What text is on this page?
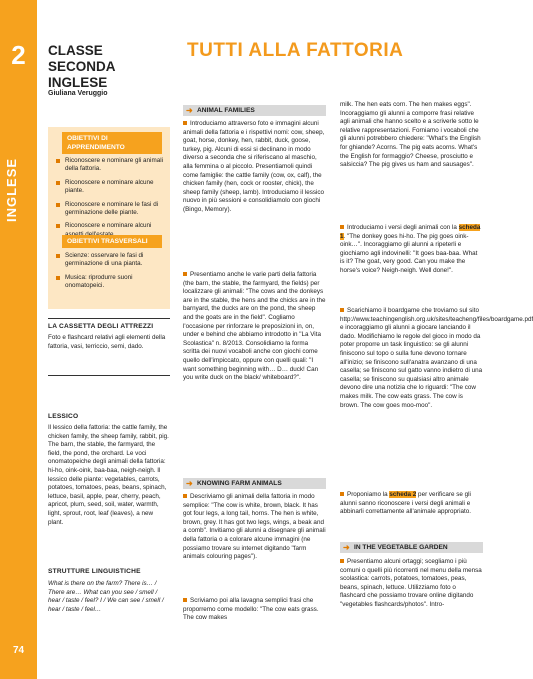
2
INGLESE
74
CLASSE SECONDA
INGLESE
Giuliana Veruggio
OBIETTIVI DI APPRENDIMENTO
Riconoscere e nominare gli animali della fattoria.
Riconoscere e nominare alcune piante.
Riconoscere e nominare le fasi di germinazione delle piante.
Riconoscere e nominare alcuni
OBIETTIVI TRASVERSALI
Scienze: osservare le fasi di germinazione di una pianta.
Musica: riprodurre suoni onomatopeici.
LA CASSETTA DEGLI ATTREZZI
Foto e flashcard relativi agli elementi della fattoria, vasi, terriccio, semi, dado.
LESSICO
Il lessico della fattoria: the cattle family, the chicken family, the sheep family, rabbit, pig. The barn, the stable, the farmyard, the field, the pond, the orchard. Le voci onomatopeiche degli animali della fattoria: hi-ho, oink-oink, baa-baa, neigh-neigh. Il lessico delle piante: vegetables, carrots, potatoes, tomatoes, peas, beans, spinach, lettuce, basil, apple, pear, cherry, peach, apricot, plum, seed, soil, water, warmth, light, sprout, root, leaf (leaves), a new plant.
STRUTTURE LINGUISTICHE
What is there on the farm? There is… / There are… What can you see / smell / hear / taste / feel? I / We can see / smell / hear / taste / feel…
TUTTI ALLA FATTORIA
➜ ANIMAL FAMILIES
Introduciamo attraverso foto e immagini alcuni animali della fattoria e i rispettivi nomi: cow, sheep, goat, horse, donkey, hen, rabbit, duck, goose, turkey, pig. Alcuni di essi si declinano in modo diverso a seconda che si riferiscano al maschio, alla femmina o al piccolo. Presentiamoli quindi come famiglie: the cattle family (cow, ox, calf), the chicken family (hen, cock or rooster, chick), the sheep family (sheep, lamb). Introduciamo il lessico nuovo in più sessioni e consolidiamolo con giochi (Bingo, Memory).
Presentiamo anche le varie parti della fattoria (the barn, the stable, the farmyard, the fields) per localizzare gli animali: "The cows and the donkeys are in the stable, the hens and the chicks are in the barnyard, the ducks are on the pond, the sheep and the goats are in the field". Cogliamo l'occasione per rinforzare le preposizioni in, on, under e behind che abbiamo introdotto in "La Vita Scolastica" n. 8/2013. Consolidiamo la forma scritta dei nuovi vocaboli anche con giochi come quello dell'impiccato, oppure con quelli quali: "I want something beginning with… D… duck! Can you write duck on the black/ whiteboard?".
➜ KNOWING FARM ANIMALS
Descriviamo gli animali della fattoria in modo semplice: "The cow is white, brown, black. It has got four legs, a long tail, horns. The hen is white, brown, grey. It has got two legs, wings, a beak and a comb". Invitiamo gli alunni a disegnare gli animali della fattoria o a colorare alcune immagini (ne possiamo trovare su internet digitando "farm animals colouring pages").
Scriviamo poi alla lavagna semplici frasi che proporremo come modello: "The cow eats grass. The cow makes
milk. The hen eats corn. The hen makes eggs". Incoraggiamo gli alunni a comporre frasi relative agli animali che hanno scelto e a scriverle sotto le relative rappresentazioni. Forniamo i vocaboli che gli alunni potrebbero chiedere: "What's the English for ghiande? Acorns. The pig eats acorns. What's the English for formaggio? Cheese, prosciutto e salsiccia? The pig gives us ham and sausages".
Introduciamo i versi degli animali con la scheda 1. "The donkey goes hi-ho. The pig goes oink-oink…". Incoraggiamo gli alunni a ripeterli e giochiamo agli indovinelli: "It goes baa-baa. What is it? The goat, very good. Can you make the horse's voice? Neigh-neigh. Well done!".
Scarichiamo il boardgame che troviamo sul sito http://www.teachingenglish.org.uk/sites/teacheng/files/boardgame.pdf e incoraggiamo gli alunni a giocare lanciando il dado. Modifichiamo le regole del gioco in modo da poter proporre un task linguistico: se gli alunni finiscono sul topo o sulla fune devono tornare all'inizio; se finiscono sull'anatra avanzano di una casella; se finiscono sul gatto vanno indietro di una casella; se finiscono su qualsiasi altro animale devono dire una notizia che lo riguardi: "The cow makes milk. The cow eats grass. The cow is brown. The cow goes moo-moo".
Proponiamo la scheda 2 per verificare se gli alunni sanno riconoscere i versi degli animali e abbinarli correttamente all'animale appropriato.
➜ IN THE VEGETABLE GARDEN
Presentiamo alcuni ortaggi; scegliamo i più comuni o quelli più ricorrenti nel menu della mensa scolastica: carrots, potatoes, tomatoes, peas, beans, spinach, lettuce. Utilizziamo foto o flashcard che possiamo trovare online digitando "vegetables flashcards/photos". Intro-
